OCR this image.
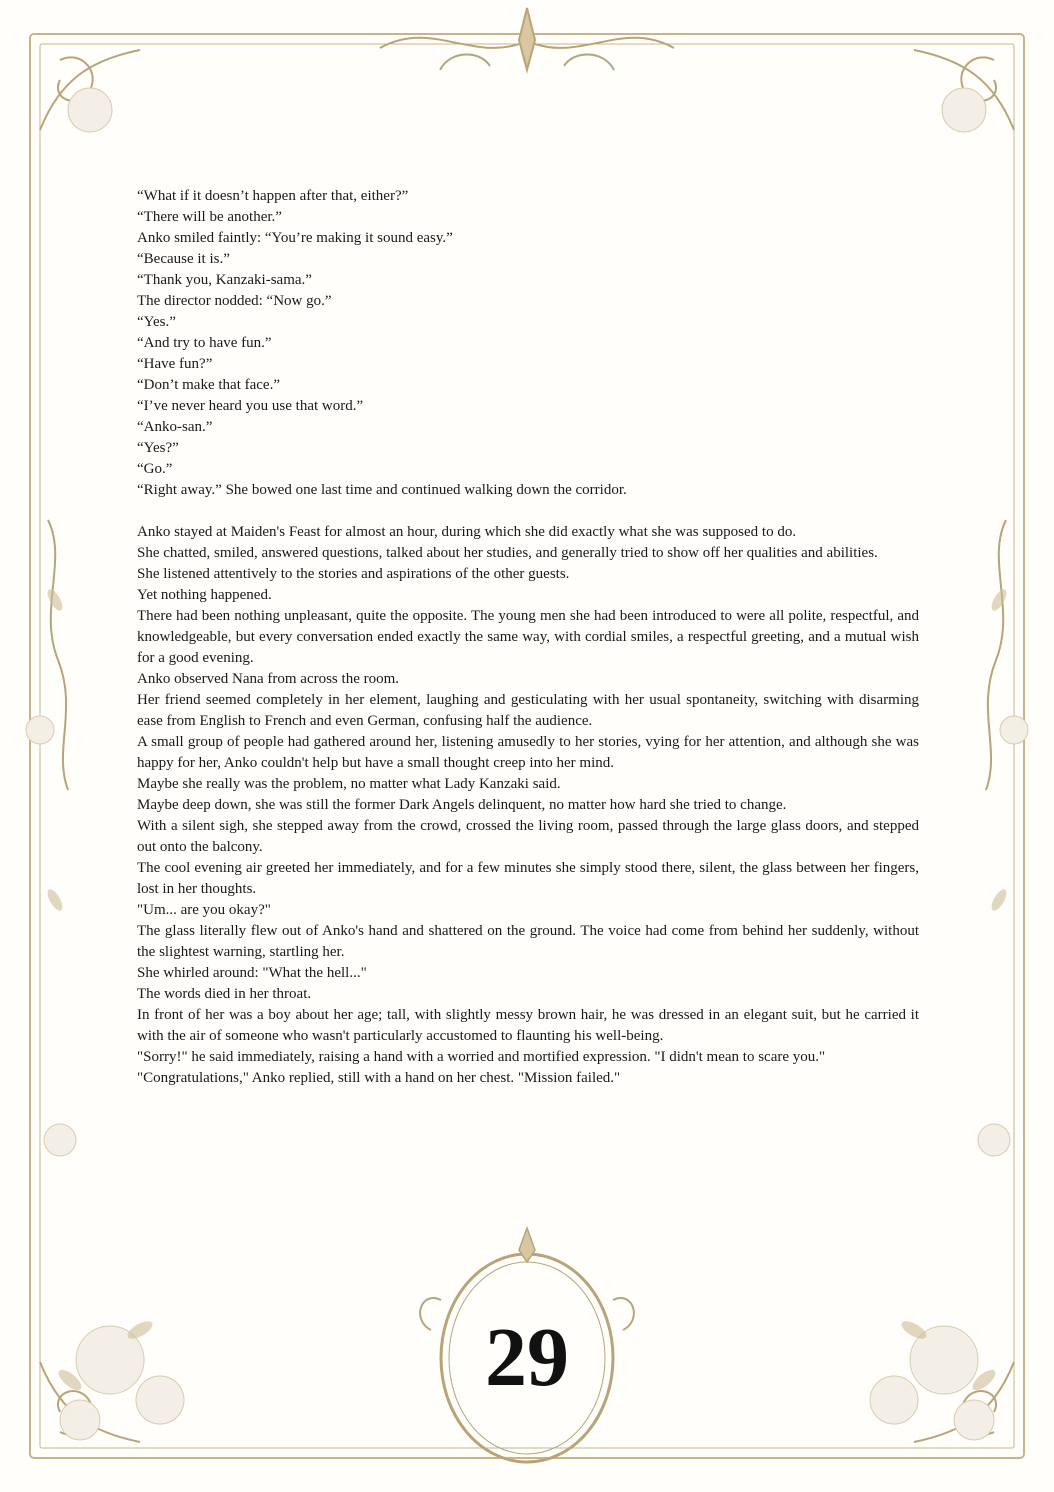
“What if it doesn’t happen after that, either?”

“There will be another.”

Anko smiled faintly: “You’re making it sound easy.”

“Because it is.”

“Thank you, Kanzaki-sama.”

The director nodded: “Now go.”

“Yes.”

“And try to have fun.”

“Have fun?”

“Don’t make that face.”

“I’ve never heard you use that word.”

“Anko-san.”

“Yes?”

“Go.”

“Right away.” She bowed one last time and continued walking down the corridor.

Anko stayed at Maiden's Feast for almost an hour, during which she did exactly what she was supposed to do.

She chatted, smiled, answered questions, talked about her studies, and generally tried to show off her qualities and abilities.

She listened attentively to the stories and aspirations of the other guests.

Yet nothing happened.

There had been nothing unpleasant, quite the opposite. The young men she had been introduced to were all polite, respectful, and knowledgeable, but every conversation ended exactly the same way, with cordial smiles, a respectful greeting, and a mutual wish for a good evening.

Anko observed Nana from across the room.

Her friend seemed completely in her element, laughing and gesticulating with her usual spontaneity, switching with disarming ease from English to French and even German, confusing half the audience.

A small group of people had gathered around her, listening amusedly to her stories, vying for her attention, and although she was happy for her, Anko couldn't help but have a small thought creep into her mind.

Maybe she really was the problem, no matter what Lady Kanzaki said.

Maybe deep down, she was still the former Dark Angels delinquent, no matter how hard she tried to change.

With a silent sigh, she stepped away from the crowd, crossed the living room, passed through the large glass doors, and stepped out onto the balcony.

The cool evening air greeted her immediately, and for a few minutes she simply stood there, silent, the glass between her fingers, lost in her thoughts.

"Um... are you okay?"

The glass literally flew out of Anko's hand and shattered on the ground. The voice had come from behind her suddenly, without the slightest warning, startling her.

She whirled around: "What the hell..."

The words died in her throat.

In front of her was a boy about her age; tall, with slightly messy brown hair, he was dressed in an elegant suit, but he carried it with the air of someone who wasn't particularly accustomed to flaunting his well-being.

"Sorry!" he said immediately, raising a hand with a worried and mortified expression. "I didn't mean to scare you."

"Congratulations," Anko replied, still with a hand on her chest. "Mission failed."

29
